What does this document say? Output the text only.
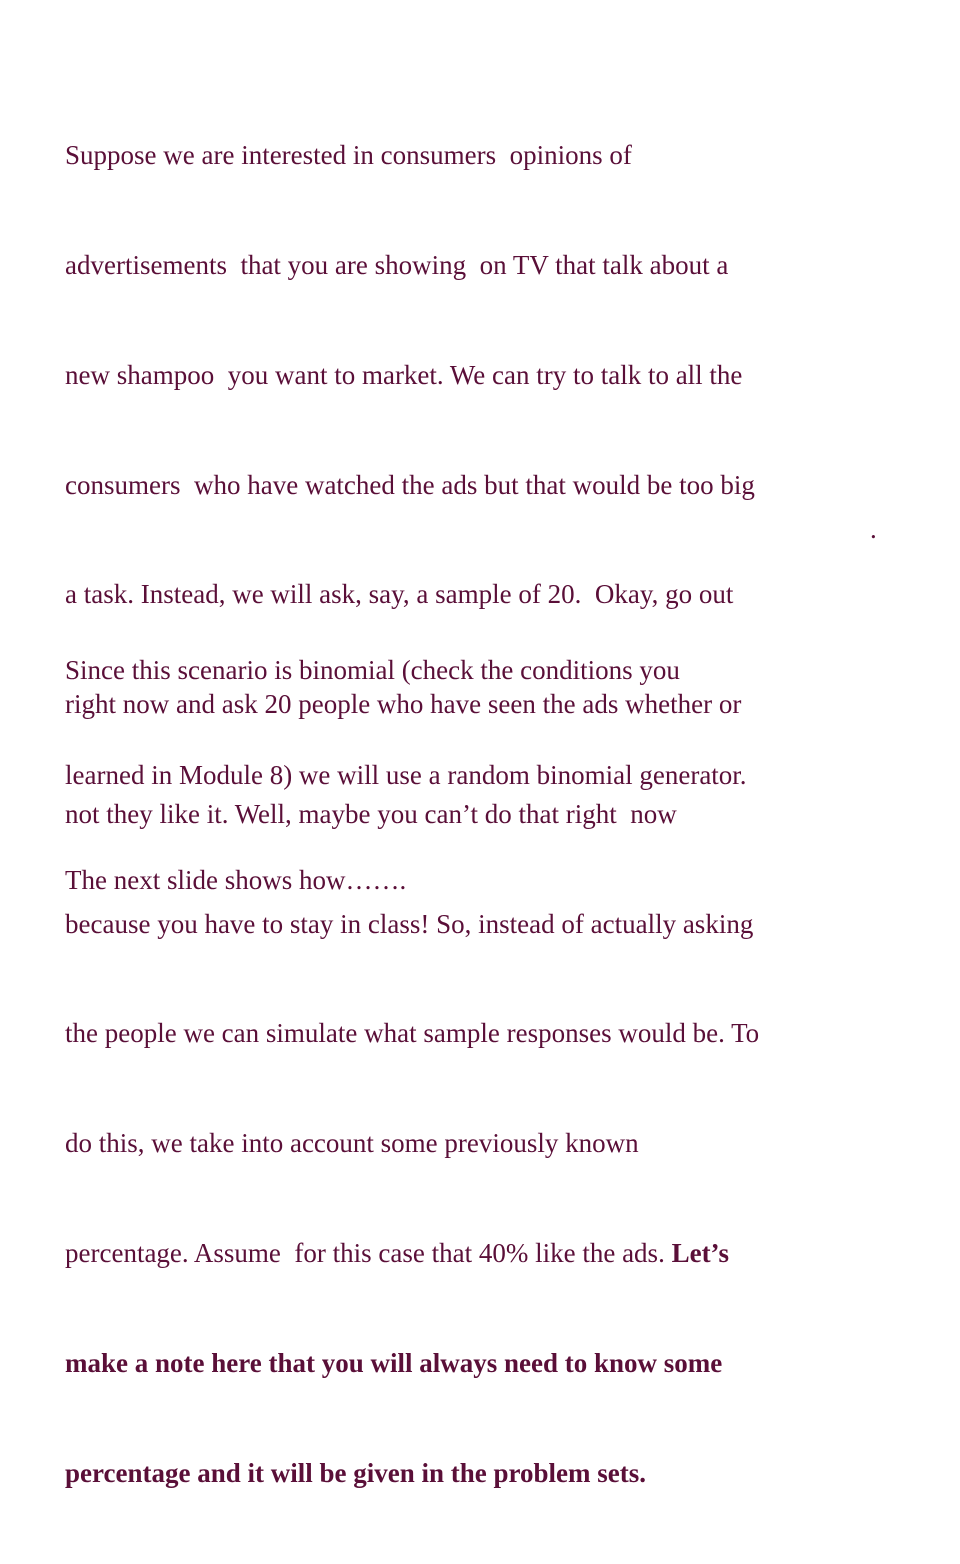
Suppose we are interested in consumers  opinions of

advertisements  that you are showing  on TV that talk about a

new shampoo  you want to market. We can try to talk to all the

consumers  who have watched the ads but that would be too big

a task. Instead, we will ask, say, a sample of 20.  Okay, go out

right now and ask 20 people who have seen the ads whether or

not they like it. Well, maybe you can’t do that right  now

because you have to stay in class! So, instead of actually asking

the people we can simulate what sample responses would be. To

do this, we take into account some previously known

percentage. Assume  for this case that 40% like the ads. Let’s

make a note here that you will always need to know some

percentage and it will be given in the problem sets.

.

Since this scenario is binomial (check the conditions you

learned in Module 8) we will use a random binomial generator.

The next slide shows how…….
